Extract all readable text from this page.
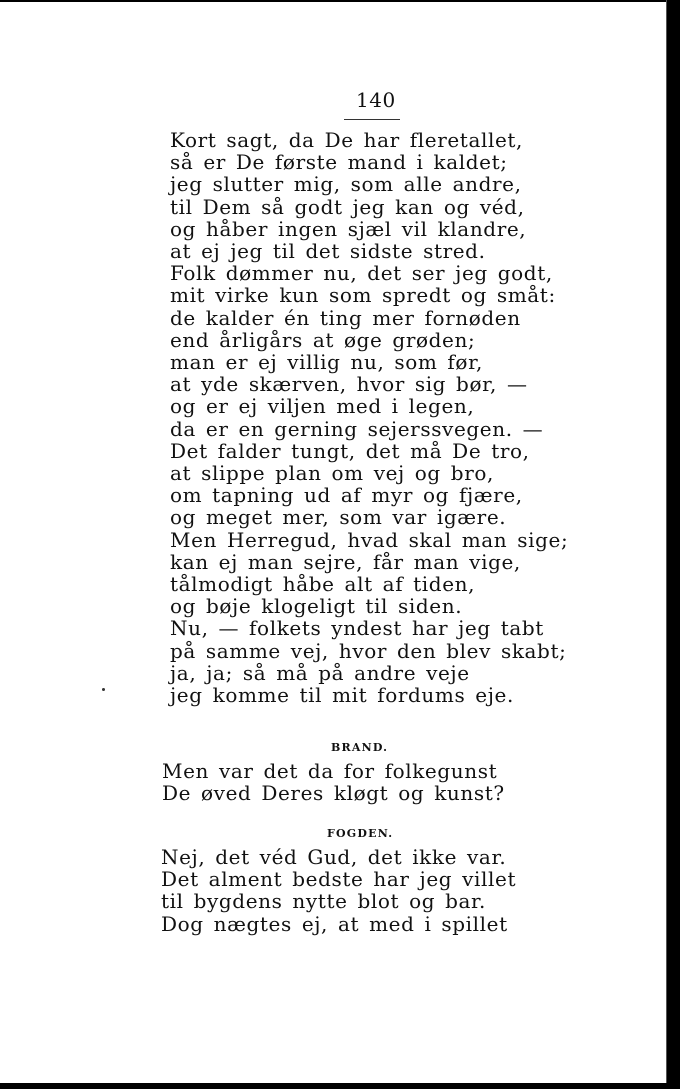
140
Kort sagt, da De har fleretallet,
så er De første mand i kaldet;
jeg slutter mig, som alle andre,
til Dem så godt jeg kan og véd,
og håber ingen sjæl vil klandre,
at ej jeg til det sidste stred.
Folk dømmer nu, det ser jeg godt,
mit virke kun som spredt og småt:
de kalder én ting mer fornøden
end årligårs at øge grøden;
man er ej villig nu, som før,
at yde skærven, hvor sig bør, —
og er ej viljen med i legen,
da er en gerning sejerssvegen. —
Det falder tungt, det må De tro,
at slippe plan om vej og bro,
om tapning ud af myr og fjære,
og meget mer, som var igære.
Men Herregud, hvad skal man sige;
kan ej man sejre, får man vige,
tålmodigt håbe alt af tiden,
og bøje klogeligt til siden.
Nu, — folkets yndest har jeg tabt
på samme vej, hvor den blev skabt;
ja, ja; så må på andre veje
jeg komme til mit fordums eje.
BRAND.
Men var det da for folkegunst
De øved Deres kløgt og kunst?
FOGDEN.
Nej, det véd Gud, det ikke var.
Det alment bedste har jeg villet
til bygdens nytte blot og bar.
Dog nægtes ej, at med i spillet
